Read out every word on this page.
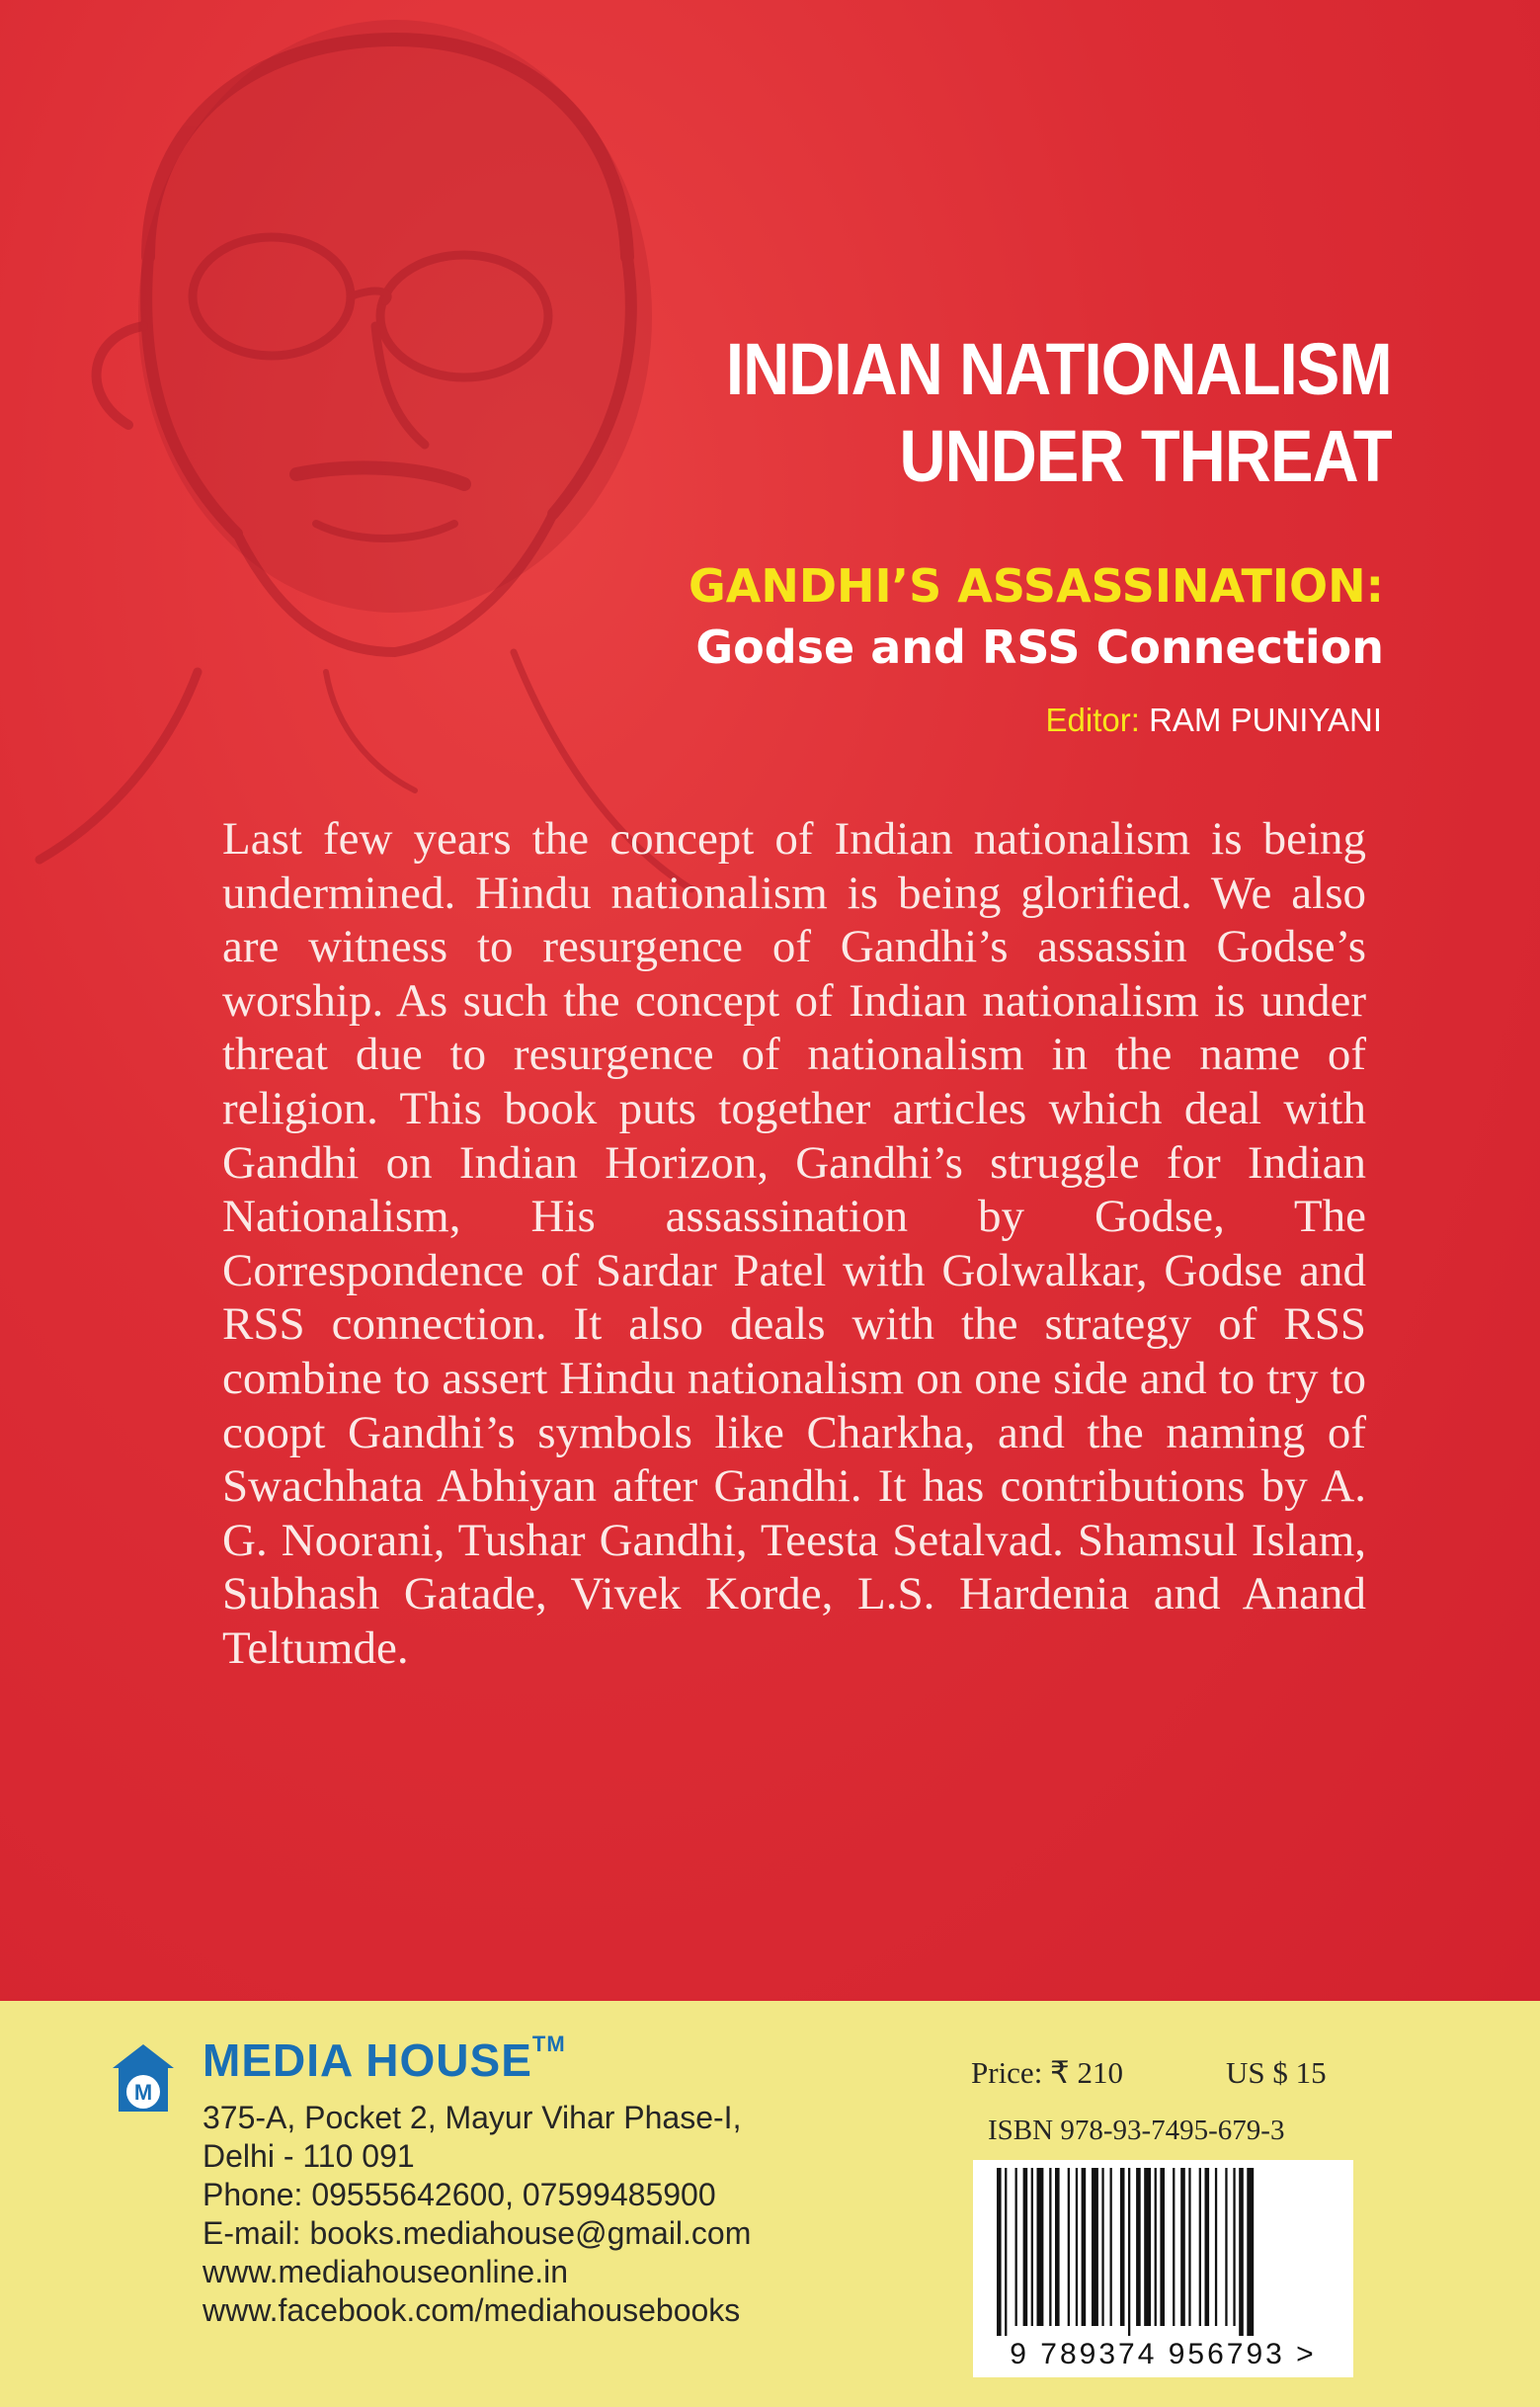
INDIAN NATIONALISM
UNDER THREAT
GANDHI’S ASSASSINATION:
Godse and RSS Connection
Editor: RAM PUNIYANI
Last few years the concept of Indian nationalism is being undermined. Hindu nationalism is being glorified. We also are witness to resurgence of Gandhi’s assassin Godse’s worship. As such the concept of Indian nationalism is under threat due to resurgence of nationalism in the name of religion. This book puts together articles which deal with Gandhi on Indian Horizon, Gandhi’s struggle for Indian Nationalism, His assassination by Godse, The Correspondence of Sardar Patel with Golwalkar, Godse and RSS connection. It also deals with the strategy of RSS combine to assert Hindu nationalism on one side and to try to coopt Gandhi’s symbols like Charkha, and the naming of Swachhata Abhiyan after Gandhi. It has contributions by A. G. Noorani, Tushar Gandhi, Teesta Setalvad. Shamsul Islam, Subhash Gatade, Vivek Korde, L.S. Hardenia and Anand Teltumde.
M
MEDIA HOUSE™
375-A, Pocket 2, Mayur Vihar Phase-I,
Delhi - 110 091
Phone: 09555642600, 07599485900
E-mail: books.mediahouse@gmail.com
www.mediahouseonline.in
www.facebook.com/mediahousebooks
Price: ₹ 210	US $ 15
ISBN 978-93-7495-679-3
9 789374 956793 >
